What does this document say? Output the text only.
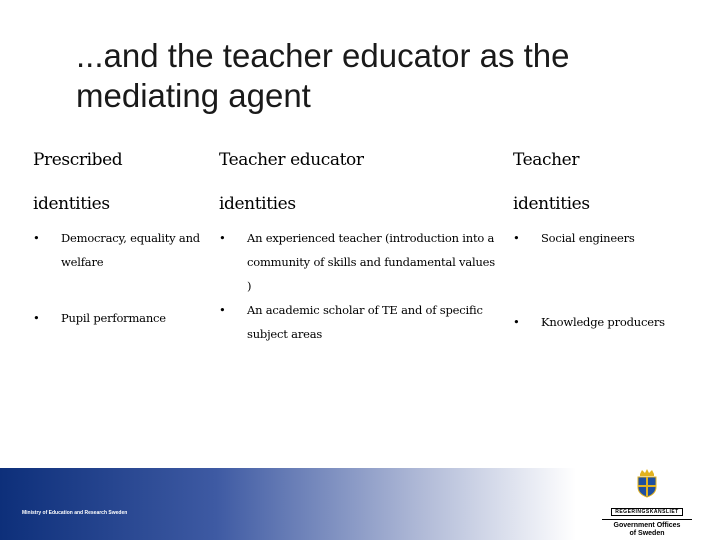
...and the teacher educator as the mediating agent
Prescribed
identities
• Democracy, equality and welfare
• Pupil performance
Teacher educator
identities
• An experienced teacher (introduction into a community of skills and fundamental values )
• An academic scholar of TE and of specific subject areas
Teacher
identities
• Social engineers
• Knowledge producers
Ministry of Education and Research Sweden	REGERINGSKANSLIET
Government Offices
of Sweden
